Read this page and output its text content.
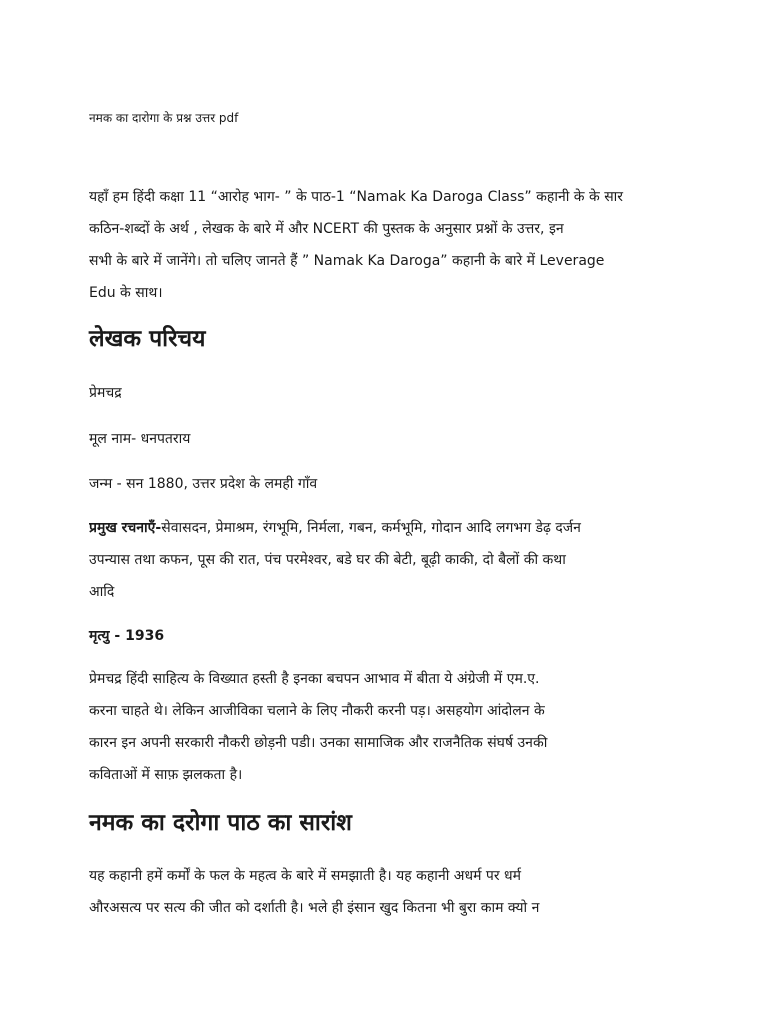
नमक का दारोगा के प्रश्न उत्तर pdf
यहाँ हम हिंदी कक्षा 11 “आरोह भाग- ” के पाठ-1 “Namak Ka Daroga Class” कहानी के के सार
कठिन-शब्दों के अर्थ , लेखक के बारे में और NCERT की पुस्तक के अनुसार प्रश्नों के उत्तर, इन
सभी के बारे में जानेंगे। तो चलिए जानते हैं ” Namak Ka Daroga” कहानी के बारे में Leverage
Edu के साथ।
लेखक परिचय

प्रेमचद्र

मूल नाम- धनपतराय

जन्म - सन 1880, उत्तर प्रदेश के लमही गाँव

प्रमुख रचनाएँ-सेवासदन, प्रेमाश्रम, रंगभूमि, निर्मला, गबन, कर्मभूमि, गोदान आदि लगभग डेढ़ दर्जन
उपन्यास तथा कफन, पूस की रात, पंच परमेश्वर, बडे घर की बेटी, बूढ़ी काकी, दो बैलों की कथा
आदि

मृत्यु - 1936

प्रेमचद्र हिंदी साहित्य के विख्यात हस्ती है इनका बचपन आभाव में बीता ये अंग्रेजी में एम.ए.
करना चाहते थे। लेकिन आजीविका चलाने के लिए नौकरी करनी पड़। असहयोग आंदोलन के
कारन इन अपनी सरकारी नौकरी छोड़नी पडी। उनका सामाजिक और राजनैतिक संघर्ष उनकी
कविताओं में साफ़ झलकता है।
नमक का दरोगा पाठ का सारांश
यह कहानी हमें कर्मों के फल के महत्व के बारे में समझाती है। यह कहानी अधर्म पर धर्म
औरअसत्य पर सत्य की जीत को दर्शाती है। भले ही इंसान खुद कितना भी बुरा काम क्यो न
